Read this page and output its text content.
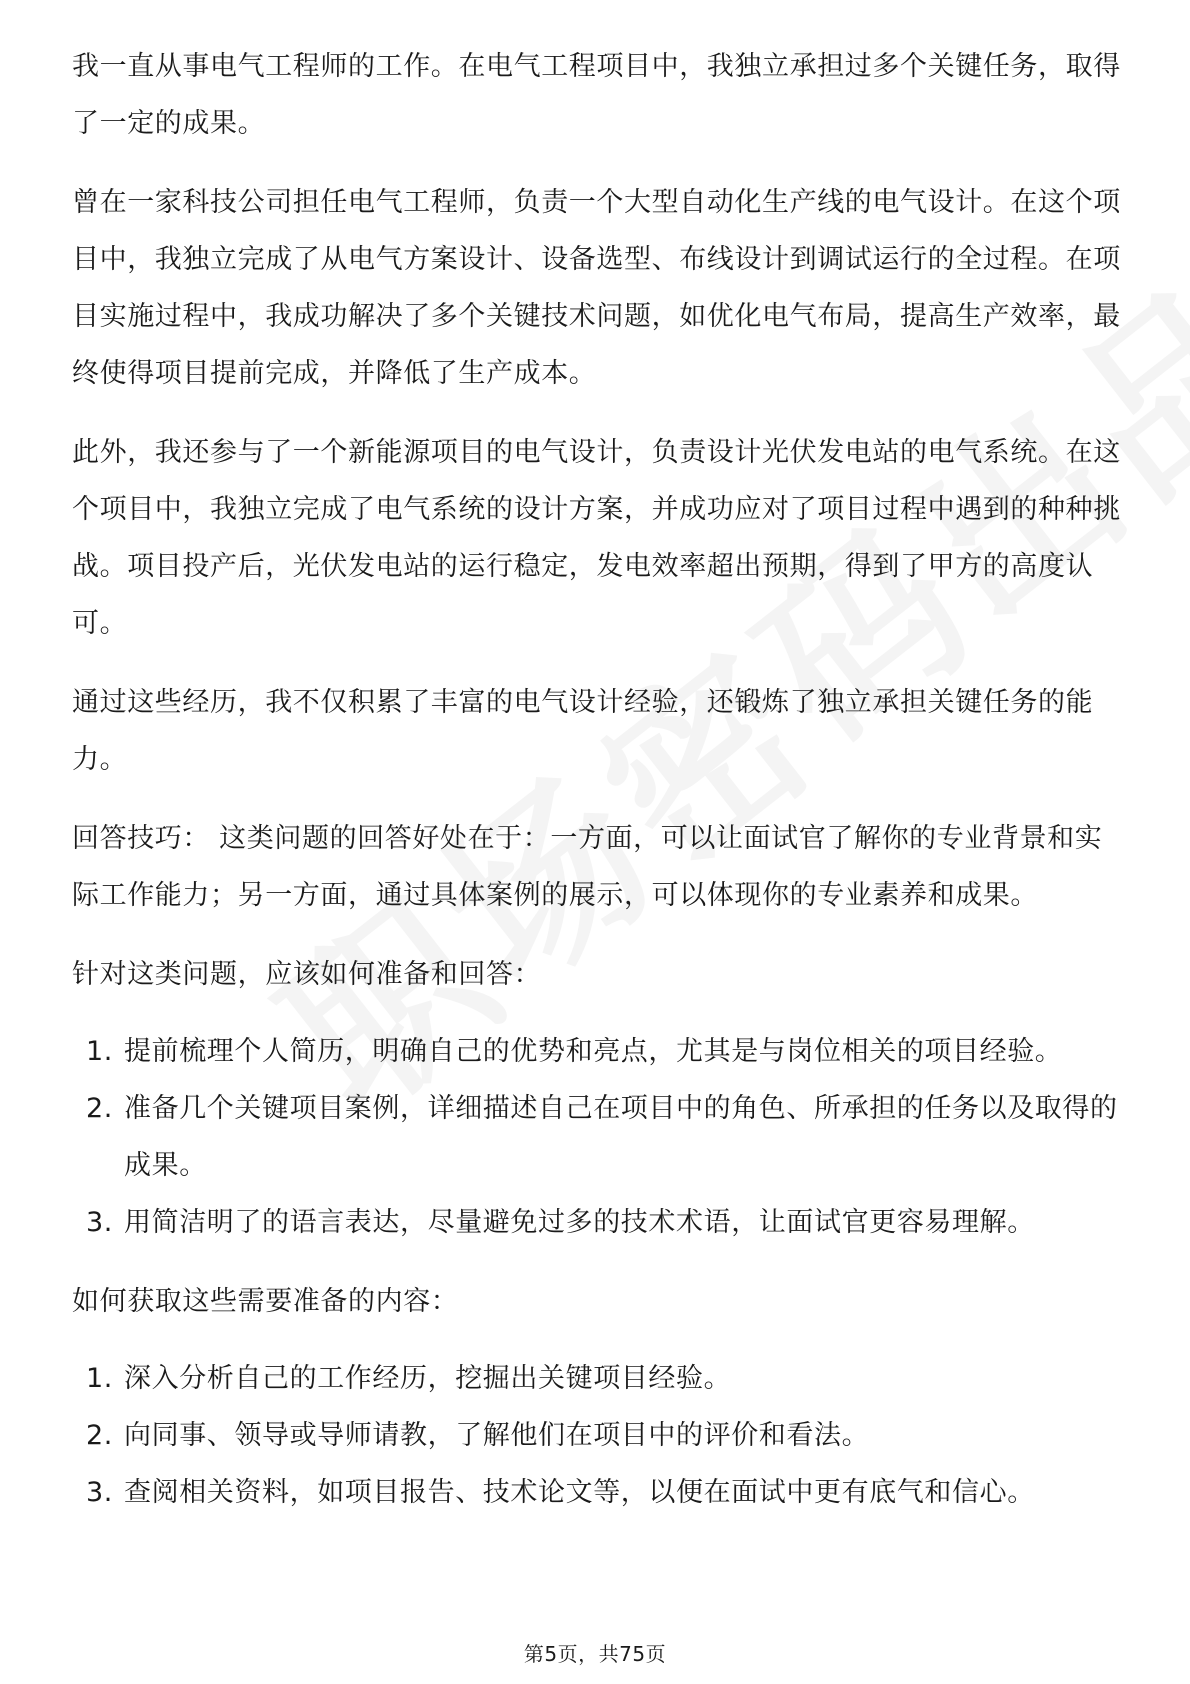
我一直从事电气工程师的工作。在电气工程项目中，我独立承担过多个关键任务，取得了一定的成果。

曾在一家科技公司担任电气工程师，负责一个大型自动化生产线的电气设计。在这个项目中，我独立完成了从电气方案设计、设备选型、布线设计到调试运行的全过程。在项目实施过程中，我成功解决了多个关键技术问题，如优化电气布局，提高生产效率，最终使得项目提前完成，并降低了生产成本。

此外，我还参与了一个新能源项目的电气设计，负责设计光伏发电站的电气系统。在这个项目中，我独立完成了电气系统的设计方案，并成功应对了项目过程中遇到的种种挑战。项目投产后，光伏发电站的运行稳定，发电效率超出预期，得到了甲方的高度认可。

通过这些经历，我不仅积累了丰富的电气设计经验，还锻炼了独立承担关键任务的能力。

回答技巧： 这类问题的回答好处在于：一方面，可以让面试官了解你的专业背景和实际工作能力；另一方面，通过具体案例的展示，可以体现你的专业素养和成果。

针对这类问题，应该如何准备和回答：

1. 提前梳理个人简历，明确自己的优势和亮点，尤其是与岗位相关的项目经验。
2. 准备几个关键项目案例，详细描述自己在项目中的角色、所承担的任务以及取得的成果。
3. 用简洁明了的语言表达，尽量避免过多的技术术语，让面试官更容易理解。

如何获取这些需要准备的内容：

1. 深入分析自己的工作经历，挖掘出关键项目经验。
2. 向同事、领导或导师请教，了解他们在项目中的评价和看法。
3. 查阅相关资料，如项目报告、技术论文等，以便在面试中更有底气和信心。
第5页，共75页
